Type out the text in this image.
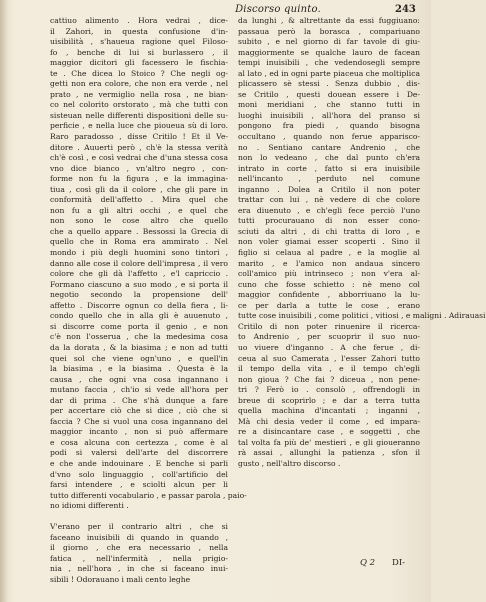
Discorso quinto.	243
cattiuo alimento . Hora vedrai , dice-
il Zahori, in questa confusione d'in-
uisibilità , s'haueua ragione quel Filoso-
fo , benche di lui si burlassero , il
maggior dicitori gli facessero le fischia-
te . Che dicea lo Stoico ? Che negli og-
getti non era colore, che non era verde , nel
prato , ne vermiglio nella rosa , ne bian-
co nel colorito orstorato , mà che tutti con
sisteuan nelle differenti dispositioni delle su-
perficie , e nella luce che pioueua sù di loro.
Raro paradosso , disse Critilo ! Et il Ve-
ditore . Auuerti però , ch'è la stessa verità
ch'è così , e così vedrai che d'una stessa cosa
vno dice bianco , vn'altro negro , con-
forme non fu la figura , e la immagina-
tiua , così gli da il colore , che gli pare in
conformità dell'affetto . Mira quel che
non fu a gli altri occhi , e quel che
non sono le cose altro che quello
che a quello appare . Bessossi la Grecia di
quello che in Roma era ammirato . Nel
mondo i più degli huomini sono tintori ,
danno alle cose il colore dell'impresa , il vero
colore che gli dà l'affetto , e'l capriccio .
Formano ciascuno a suo modo , e si porta il
negotio secondo la propensione dell'
affetto . Discorre ognun co della fiera , li-
condo quello che in alla gli è auuenuto ,
si discorre come porta il genio , e non
c'è non l'osserua , che la medesima cosa
da la dorata , & la biasima ; e non ad tutti
quei sol che viene ogn'uno , e quell'in
la biasima , e la biasima . Questa è la
causa , che ogni vna cosa ingannano i
mutano faccia , ch'io si vede all'hora per
dar di prima . Che s'hà dunque a fare
per accertare ciò che si dice , ciò che si
faccia ? Che si vuol una cosa ingannano del
maggior incanto , non si può affermare
e cosa alcuna con certezza , come è al
podi si valersi dell'arte del discorrere
e che ande indouinare . E benche si parli
d'vno solo linguaggio , coll'artificio del
farsi intendere , e sciolti alcun per li
tutto differenti vocabulario , e passar parola , paio-
no idiomi differenti .

V'erano per il contrario altri , che si
faceano inuisibili di quando in quando ,
il giorno , che era necessario , nella
fatica , nell'infermità , nella prigio-
nia , nell'hora , in che si faceano inui-
sibili ! Odorauano i mali cento leghe
da lunghi , & altrettante da essi fuggiuano:
passaua però la borasca , compariuano
subito , e nel giorno di far tavole di giu-
maggiormente se qualche lauro de facean
tempi inuisibili , che vedendosegli sempre
al lato , ed in ogni parte piaceua che moltiplica
plicassero sè stessi . Senza dubbio , dis-
se Critilo , questi douean essere i De-
moni meridiani , che stanno tutti in
luoghi inuisibili , all'hora del pranso si
pongono fra piedi , quando bisogna
occultano , quando non ferue apparisco-
no . Sentiano cantare Andrenio , che
non lo vedeano , che dal punto ch'era
intrato in corte , fatto si era inuisibile
nell'incanto , perduto nel comune
inganno . Dolea a Critilo il non poter
trattar con lui , nè vedere di che colore
era diuenuto , e ch'egli fece perciò l'uno
tutti procurauano di non esser cono-
sciuti da altri , di chi tratta di loro , e
non voler giamai esser scoperti . Sino il
figlio si celaua al padre , e la moglie al
marito , e l'amico non andaua sincero
coll'amico più intrinseco ; non v'era al-
cuno che fosse schietto : nè meno col
maggior confidente , abborriuano la lu-
ce per darla a tutte le cose , erano
tutte cose inuisibili , come politici , vitiosi , e maligni . Adirauasi
Critilo di non poter rinuenire il ricerca-
to Andrenio , per scuoprir il suo nuo-
uo viuere d'inganno . A che ferue , di-
ceua al suo Camerata , l'esser Zahori tutto
il tempo della vita , e il tempo ch'egli
non gioua ? Che fai ? diceua , non pene-
tri ? Ferò io . consolò , offrendogli in
breue di scoprirlo ; e dar a terra tutta
quella machina d'incantati ; inganni ,
Mà chi desia veder il come , ed impara-
re a disincantare case , e soggetti , che
tal volta fa più de' mestieri , e gli gioueranno
rà assai , allunghi la patienza , sfon il
gusto , nell'altro discorso .
Q 2 DI-
